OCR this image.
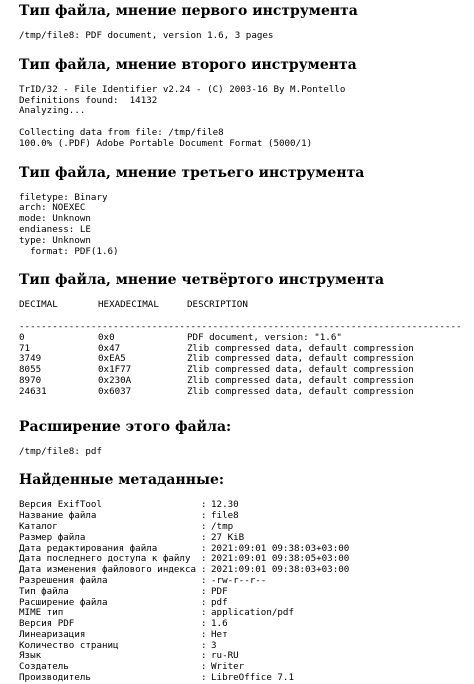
Тип файла, мнение первого инструмента
/tmp/file8: PDF document, version 1.6, 3 pages
Тип файла, мнение второго инструмента
TrID/32 - File Identifier v2.24 - (C) 2003-16 By M.Pontello
Definitions found:  14132
Analyzing...
Collecting data from file: /tmp/file8
100.0% (.PDF) Adobe Portable Document Format (5000/1)
Тип файла, мнение третьего инструмента
filetype: Binary
arch: NOEXEC
mode: Unknown
endianess: LE
type: Unknown
format: PDF(1.6)
Тип файла, мнение четвёртого инструмента
DECIMAL	HEXADECIMAL	DESCRIPTION
--------------------------------------------------------------------------------
0	0x0	PDF document, version: "1.6"
71	0x47	Zlib compressed data, default compression
3749	0xEA5	Zlib compressed data, default compression
8055	0x1F77	Zlib compressed data, default compression
8970	0x230A	Zlib compressed data, default compression
24631	0x6037	Zlib compressed data, default compression
Расширение этого файла:
/tmp/file8: pdf
Найденные метаданные:
Версия ExifTool	: 12.30
Название файла	: file8
Каталог	: /tmp
Размер файла	: 27 KiB
Дата редактирования файла	: 2021:09:01 09:38:03+03:00
Дата последнего доступа к файлу : 2021:09:01 09:38:05+03:00
Дата изменения файлового индекса : 2021:09:01 09:38:03+03:00
Разрешения файла	: -rw-r--r--
Тип файла	: PDF
Расширение файла	: pdf
MIME тип	: application/pdf
Версия PDF	: 1.6
Линеаризация	: Нет
Количество страниц	: 3
Язык	: ru-RU
Создатель	: Writer
Производитель	: LibreOffice 7.1
